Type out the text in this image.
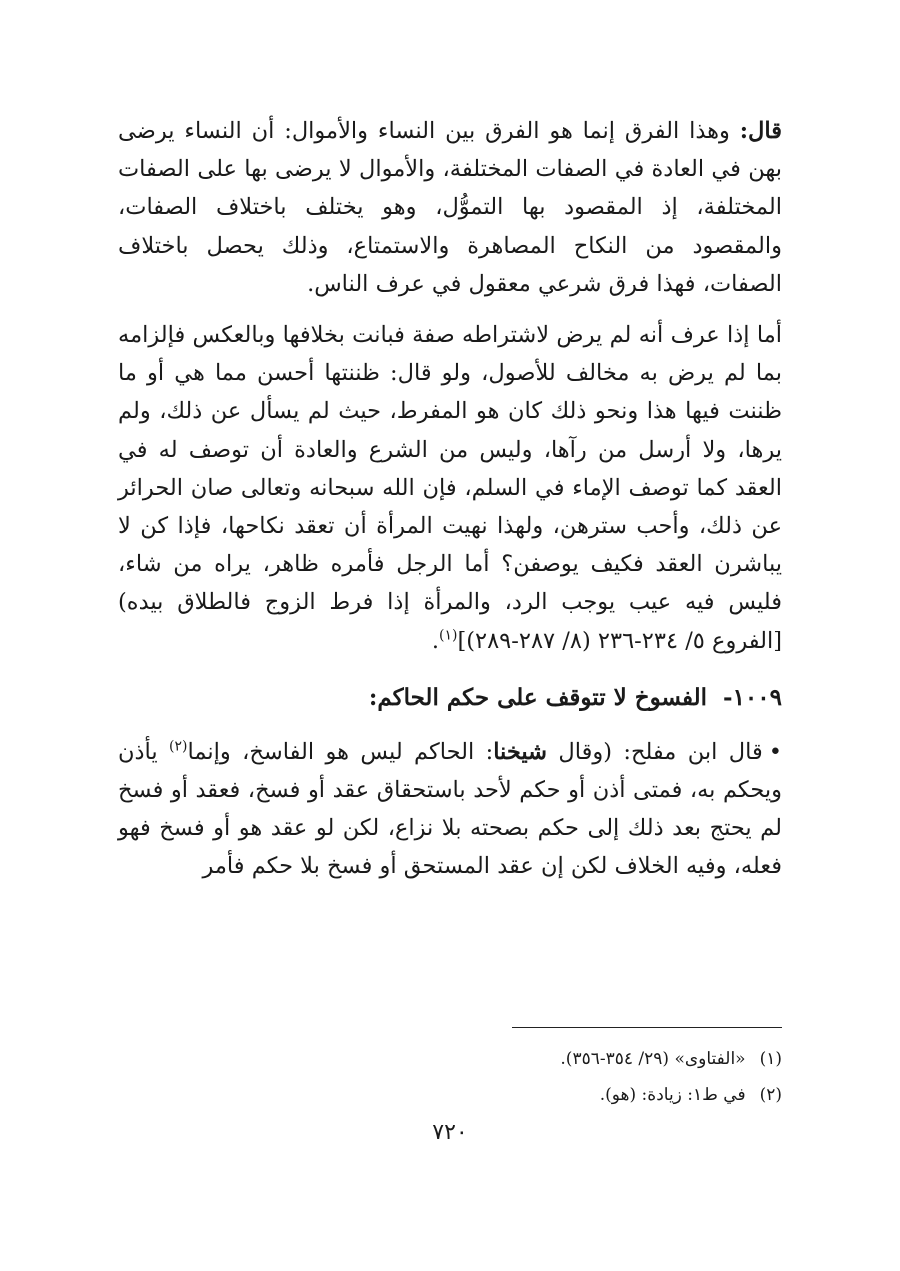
قال: وهذا الفرق إنما هو الفرق بين النساء والأموال: أن النساء يرضى بهن في العادة في الصفات المختلفة، والأموال لا يرضى بها على الصفات المختلفة، إذ المقصود بها التموُّل، وهو يختلف باختلاف الصفات، والمقصود من النكاح المصاهرة والاستمتاع، وذلك يحصل باختلاف الصفات، فهذا فرق شرعي معقول في عرف الناس.

أما إذا عرف أنه لم يرض لاشتراطه صفة فبانت بخلافها وبالعكس فإلزامه بما لم يرض به مخالف للأصول، ولو قال: ظننتها أحسن مما هي أو ما ظننت فيها هذا ونحو ذلك كان هو المفرط، حيث لم يسأل عن ذلك، ولم يرها، ولا أرسل من رآها، وليس من الشرع والعادة أن توصف له في العقد كما توصف الإماء في السلم، فإن الله سبحانه وتعالى صان الحرائر عن ذلك، وأحب سترهن، ولهذا نهيت المرأة أن تعقد نكاحها، فإذا كن لا يباشرن العقد فكيف يوصفن؟ أما الرجل فأمره ظاهر، يراه من شاء، فليس فيه عيب يوجب الرد، والمرأة إذا فرط الزوج فالطلاق بيده) [الفروع ٥/ ٢٣٤-٢٣٦ (٨/ ٢٨٧-٢٨٩)]$^{(١)}$.

١٠٠٩-الفسوخ لا تتوقف على حكم الحاكم:

•قال ابن مفلح: (وقال شيخنا: الحاكم ليس هو الفاسخ، وإنما$^{(٢)}$ يأذن ويحكم به، فمتى أذن أو حكم لأحد باستحقاق عقد أو فسخ، فعقد أو فسخ لم يحتج بعد ذلك إلى حكم بصحته بلا نزاع، لكن لو عقد هو أو فسخ فهو فعله، وفيه الخلاف لكن إن عقد المستحق أو فسخ بلا حكم فأمر

(١)«الفتاوى» (٢٩/ ٣٥٤-٣٥٦).

(٢)في ط١: زيادة: (هو).

٧٢٠
